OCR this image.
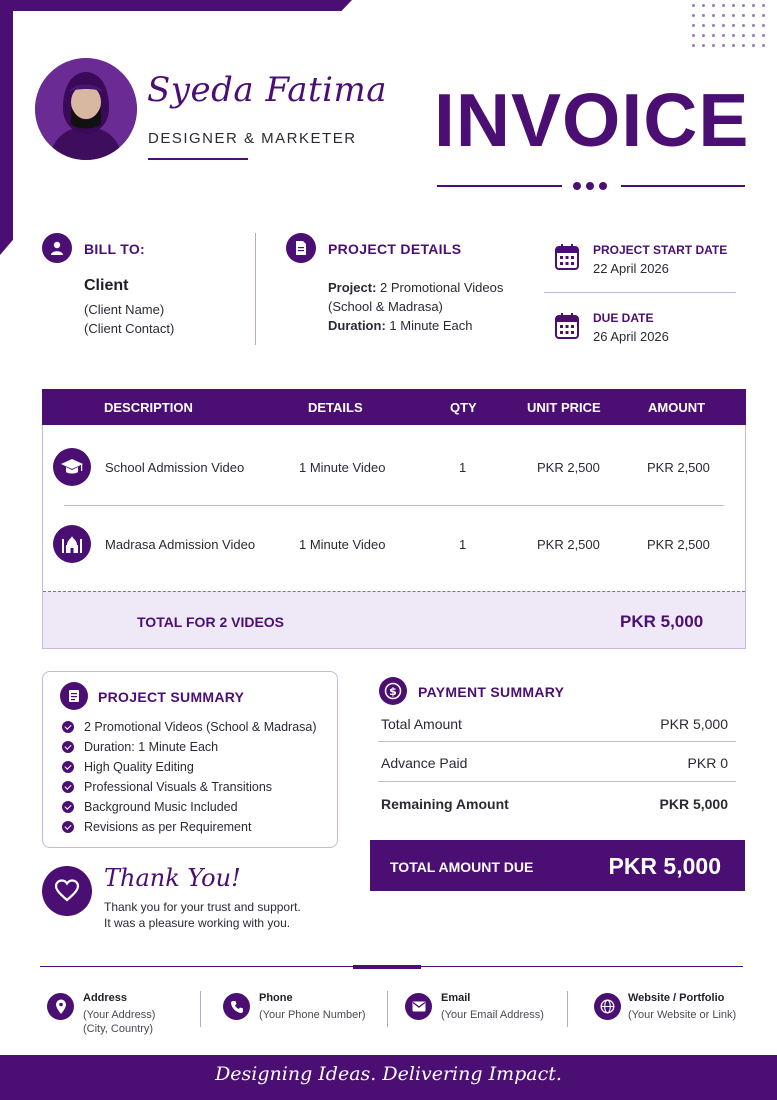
Syeda Fatima
DESIGNER & MARKETER INVOICE
BILL TO:
Client
(Client Name)
(Client Contact)
PROJECT DETAILS
Project: 2 Promotional Videos
(School & Madrasa)
Duration: 1 Minute Each
PROJECT START DATE
22 April 2026
DUE DATE
26 April 2026
DESCRIPTION	DETAILS	QTY	UNIT PRICE	AMOUNT
School Admission Video	1 Minute Video	1	PKR 2,500	PKR 2,500
Madrasa Admission Video	1 Minute Video	1	PKR 2,500	PKR 2,500
TOTAL FOR 2 VIDEOS	PKR 5,000
PROJECT SUMMARY
2 Promotional Videos (School & Madrasa)
Duration: 1 Minute Each
High Quality Editing
Professional Visuals & Transitions
Background Music Included
Revisions as per Requirement
$ PAYMENT SUMMARY
Total Amount	PKR 5,000
Advance Paid	PKR 0
Remaining Amount	PKR 5,000
TOTAL AMOUNT DUE	PKR 5,000
Thank You!
Thank you for your trust and support.
It was a pleasure working with you.
Address
(Your Address)
(City, Country)
Phone
(Your Phone Number)
Email
(Your Email Address)
Website / Portfolio
(Your Website or Link)
Designing Ideas. Delivering Impact.
